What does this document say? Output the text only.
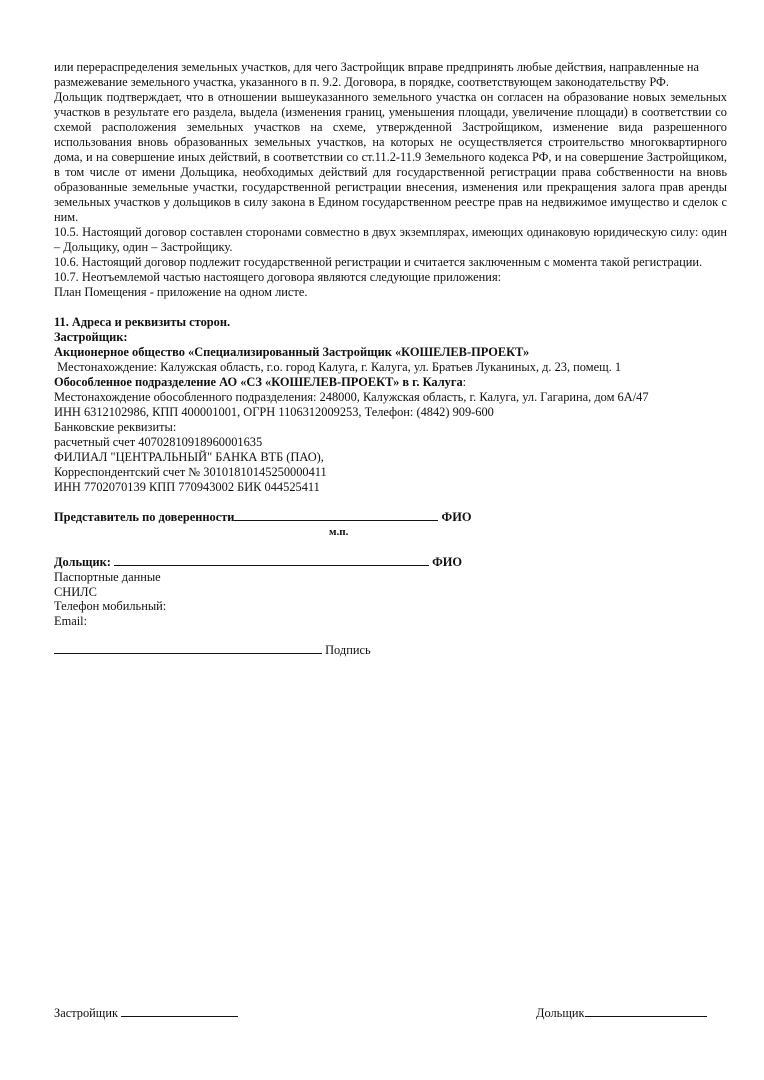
или перераспределения земельных участков, для чего Застройщик вправе предпринять любые действия, направленные на

размежевание земельного участка, указанного в п. 9.2. Договора, в порядке, соответствующем законодательству РФ.

Дольщик подтверждает, что в отношении вышеуказанного земельного участка он согласен на образование новых земельных участков в результате его раздела, выдела (изменения границ, уменьшения площади, увеличение площади) в соответствии со схемой расположения земельных участков на схеме, утвержденной Застройщиком, изменение вида разрешенного использования вновь образованных земельных участков, на которых не осуществляется строительство многоквартирного дома, и на совершение иных действий, в соответствии со ст.11.2-11.9 Земельного кодекса РФ, и на совершение Застройщиком, в том числе от имени Дольщика, необходимых действий для государственной регистрации права собственности на вновь образованные земельные участки, государственной регистрации внесения, изменения или прекращения залога прав аренды земельных участков у дольщиков в силу закона в Едином государственном реестре прав на недвижимое имущество и сделок с ним.

10.5. Настоящий договор составлен сторонами совместно в двух экземплярах, имеющих одинаковую юридическую силу: один – Дольщику, один – Застройщику.

10.6. Настоящий договор подлежит государственной регистрации и считается заключенным с момента такой регистрации.

10.7. Неотъемлемой частью настоящего договора являются следующие приложения:

План Помещения - приложение на одном листе.

11. Адреса и реквизиты сторон.

Застройщик:

Акционерное общество «Специализированный Застройщик «КОШЕЛЕВ-ПРОЕКТ»

Местонахождение: Калужская область, г.о. город Калуга, г. Калуга, ул. Братьев Луканиных, д. 23, помещ. 1

Обособленное подразделение АО «СЗ «КОШЕЛЕВ-ПРОЕКТ» в г. Калуга:

Местонахождение обособленного подразделения: 248000, Калужская область, г. Калуга, ул. Гагарина, дом 6А/47

ИНН 6312102986, КПП 400001001, ОГРН 1106312009253, Телефон: (4842) 909-600

Банковские реквизиты:

расчетный счет 40702810918960001635

ФИЛИАЛ "ЦЕНТРАЛЬНЫЙ" БАНКА ВТБ (ПАО),

Корреспондентский счет № 30101810145250000411

ИНН 7702070139 КПП 770943002 БИК 044525411

Представитель по доверенности	ФИО

м.п.

Дольщик:	ФИО

Паспортные данные

СНИЛС

Телефон мобильный:

Email:

Подпись

Застройщик	Дольщик
